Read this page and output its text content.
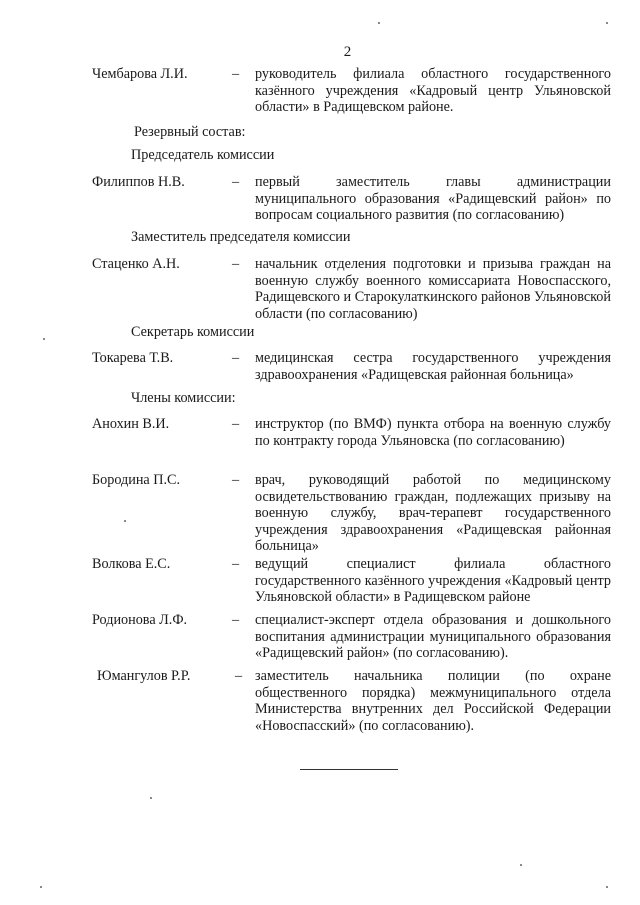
2
Чембарова Л.И.	– руководитель филиала областного государственного казённого учреждения «Кадровый центр Ульяновской области» в Радищевском районе.
Резервный состав:
Председатель комиссии
Филиппов Н.В.	– первый заместитель главы администрации муниципального образования «Радищевский район» по вопросам социального развития (по согласованию)
Заместитель председателя комиссии
Стаценко А.Н.	– начальник отделения подготовки и призыва граждан на военную службу военного комиссариата Новоспасского, Радищевского и Старокулаткинского районов Ульяновской области (по согласованию)
Секретарь комиссии
Токарева Т.В.	– медицинская сестра государственного учреждения здравоохранения «Радищевская районная больница»
Члены комиссии:
Анохин В.И.	– инструктор (по ВМФ) пункта отбора на военную службу по контракту города Ульяновска (по согласованию)
Бородина П.С.	– врач, руководящий работой по медицинскому освидетельствованию граждан, подлежащих призыву на военную службу, врач-терапевт государственного учреждения здравоохранения «Радищевская районная больница»
Волкова Е.С.	– ведущий специалист филиала областного государственного казённого учреждения «Кадровый центр Ульяновской области» в Радищевском районе
Родионова Л.Ф.	– специалист-эксперт отдела образования и дошкольного воспитания администрации муниципального образования «Радищевский район» (по согласованию).
Юмангулов Р.Р.	– заместитель начальника полиции (по охране общественного порядка) межмуниципального отдела Министерства внутренних дел Российской Федерации «Новоспасский» (по согласованию).
